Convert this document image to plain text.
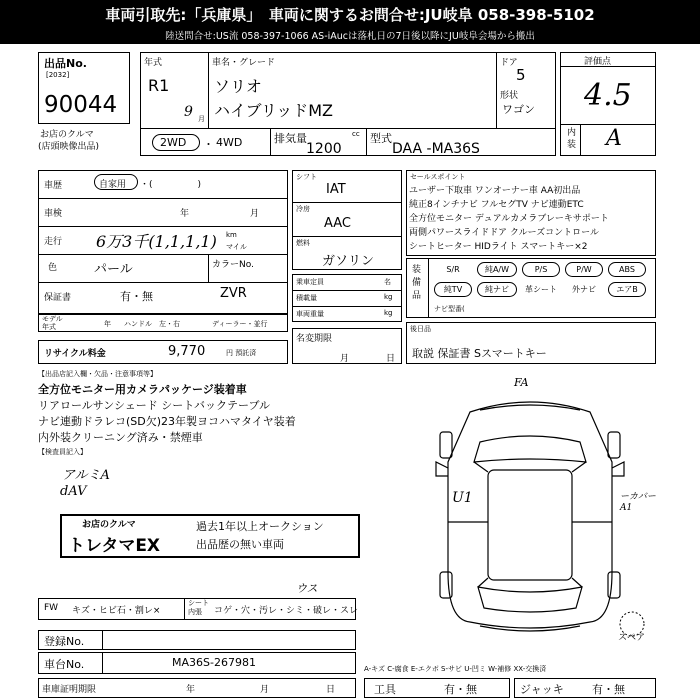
車両引取先:「兵庫県」　車両に関するお問合せ:JU岐阜 058-398-5102
陸送問合せ:US流 058-397-1066 AS-iAucは落札日の7日後以降にJU岐阜会場から搬出
出品No.
[2032]
90044
お店のクルマ
(店頭映像出品)
年式
R1
9 月
車名・グレード
ソリオ
ハイブリッドMZ
ドア
5
形状
ワゴン
2WD ・ 4WD	排気量	cc
1200
型式
DAA -MA36S
評価点
4.5
内
装 A
車歴	自家用 ・(　　　　　)
車検	年	月
走行 6万3千(1,1,1,1) km
マイル
色	パール	カラーNo.
保証書	有・無	ZVR
モデル
年式	年 ハンドル　左・右	ディーラー・並行
リサイクル料金	9,770	円 預託済
シフト
IAT
冷房
AAC
燃料
ガソリン
乗車定員	名
積載量	kg
車両重量	kg
名変期限
月	日
セールスポイント
ユーザー下取車 ワンオーナー車 AA初出品
純正8インチナビ フルセグTV ナビ連動ETC
全方位モニター デュアルカメラブレーキサポート
両側パワースライドドア クルーズコントロール
シートヒーター HIDライト スマートキー×2
装
備
品
S/R	純A/W	P/S	P/W	ABS
純TV	純ナビ	革シート	外ナビ	エアB
ナビ型番(
後日品
取説 保証書 Sスマートキー
【出品店記入欄・欠品・注意事項等】
全方位モニター用カメラパッケージ装着車
リアロールサンシェード シートバックテーブル
ナビ連動ドラレコ(SD欠)23年製ヨコハマタイヤ装着
内外装クリーニング済み・禁煙車
【検査員記入】
アルミA
dAV
お店のクルマ
トレタマEX
過去1年以上オークション
出品歴の無い車両
FA
U1	ーカバー
A1
スペア
FW キズ・ヒビ石・割レ×
シート
内張	コゲ・穴・汚レ・シミ・破レ・スレ
ウス
登録No.
車台No.	MA36S-267981	A-キズ C-腐食 E-エクボ S-サビ U-凹ミ W-補修 XX-交換済
車庫証明期限	年	月	日	工具	有・無	ジャッキ	有・無
